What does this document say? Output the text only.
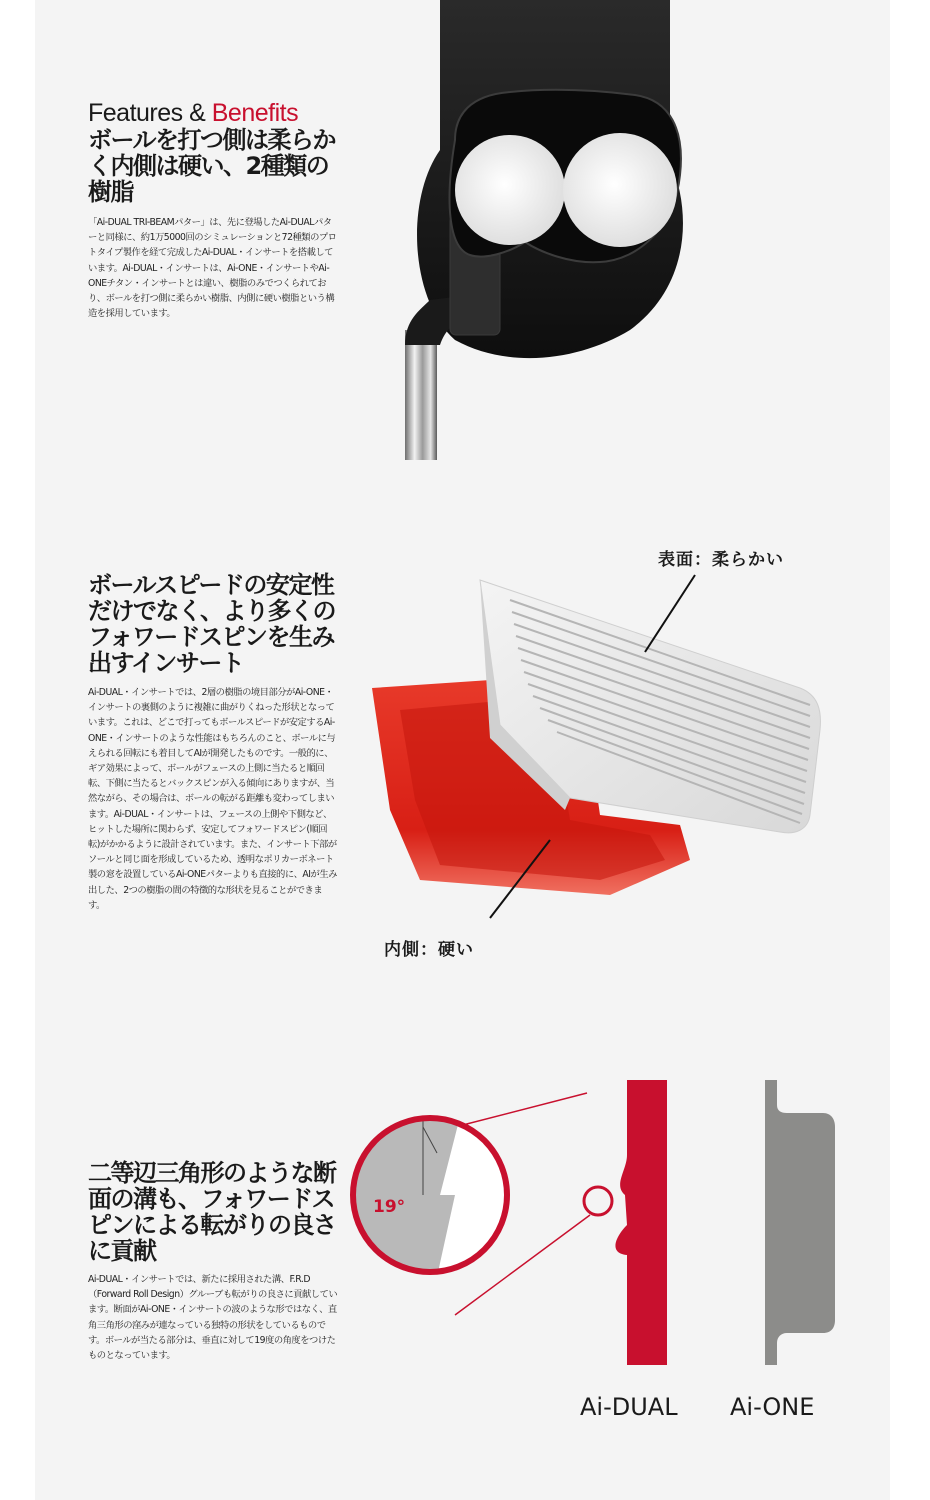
Features & Benefits
ボールを打つ側は柔らかく内側は硬い、2種類の樹脂

「Ai-DUAL TRI-BEAMパター」は、先に登場したAi-DUALパターと同様に、約1万5000回のシミュレーションと72種類のプロトタイプ製作を経て完成したAi-DUAL・インサートを搭載しています。Ai-DUAL・インサートは、Ai-ONE・インサートやAi-ONEチタン・インサートとは違い、樹脂のみでつくられており、ボールを打つ側に柔らかい樹脂、内側に硬い樹脂という構造を採用しています。

ボールスピードの安定性だけでなく、より多くのフォワードスピンを生み出すインサート

Ai-DUAL・インサートでは、2層の樹脂の境目部分がAi-ONE・インサートの裏側のように複雑に曲がりくねった形状となっています。これは、どこで打ってもボールスピードが安定するAi-ONE・インサートのような性能はもちろんのこと、ボールに与えられる回転にも着目してAIが開発したものです。一般的に、ギア効果によって、ボールがフェースの上側に当たると順回転、下側に当たるとバックスピンが入る傾向にありますが、当然ながら、その場合は、ボールの転がる距離も変わってしまいます。Ai-DUAL・インサートは、フェースの上側や下側など、ヒットした場所に関わらず、安定してフォワードスピン(順回転)がかかるように設計されています。また、インサート下部がソールと同じ面を形成しているため、透明なポリカーボネート製の窓を設置しているAi-ONEパターよりも直接的に、AIが生み出した、2つの樹脂の間の特徴的な形状を見ることができます。

表面：柔らかい
内側：硬い
二等辺三角形のような断面の溝も、フォワードスピンによる転がりの良さに貢献

Ai-DUAL・インサートでは、新たに採用された溝、F.R.D（Forward Roll Design）グルーブも転がりの良さに貢献しています。断面がAi-ONE・インサートの波のような形ではなく、直角三角形の窪みが連なっている独特の形状をしているものです。ボールが当たる部分は、垂直に対して19度の角度をつけたものとなっています。

19°
Ai-DUAL Ai-ONE
